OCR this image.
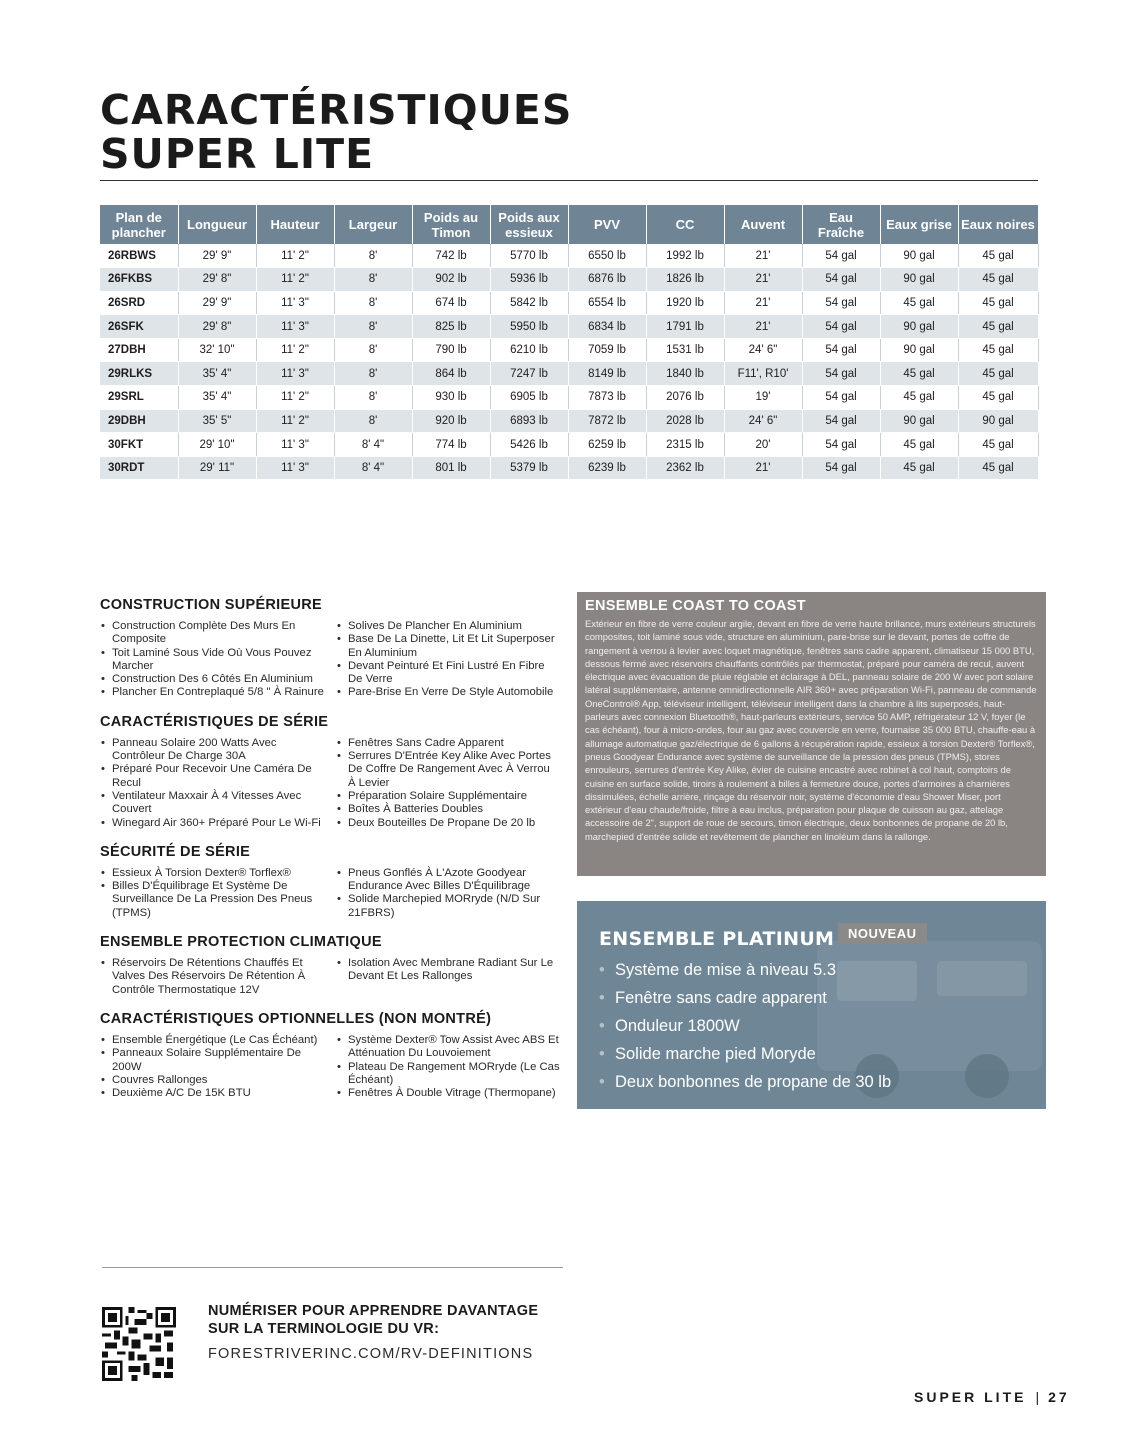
CARACTÉRISTIQUES
SUPER LITE
Plan de plancher	Longueur	Hauteur	Largeur	Poids au Timon	Poids aux essieux	PVV	CC	Auvent	Eau Fraîche	Eaux grise	Eaux noires
26RBWS	29' 9"	11' 2"	8'	742 lb	5770 lb	6550 lb	1992 lb	21'	54 gal	90 gal	45 gal
26FKBS	29' 8"	11' 2"	8'	902 lb	5936 lb	6876 lb	1826 lb	21'	54 gal	90 gal	45 gal
26SRD	29' 9"	11' 3"	8'	674 lb	5842 lb	6554 lb	1920 lb	21'	54 gal	45 gal	45 gal
26SFK	29' 8"	11' 3"	8'	825 lb	5950 lb	6834 lb	1791 lb	21'	54 gal	90 gal	45 gal
27DBH	32' 10"	11' 2"	8'	790 lb	6210 lb	7059 lb	1531 lb	24' 6"	54 gal	90 gal	45 gal
29RLKS	35' 4"	11' 3"	8'	864 lb	7247 lb	8149 lb	1840 lb	F11', R10'	54 gal	45 gal	45 gal
29SRL	35' 4"	11' 2"	8'	930 lb	6905 lb	7873 lb	2076 lb	19'	54 gal	45 gal	45 gal
29DBH	35' 5"	11' 2"	8'	920 lb	6893 lb	7872 lb	2028 lb	24' 6"	54 gal	90 gal	90 gal
30FKT	29' 10"	11' 3"	8' 4"	774 lb	5426 lb	6259 lb	2315 lb	20'	54 gal	45 gal	45 gal
30RDT	29' 11"	11' 3"	8' 4"	801 lb	5379 lb	6239 lb	2362 lb	21'	54 gal	45 gal	45 gal
CONSTRUCTION SUPÉRIEURE
• Construction Complète Des Murs En Composite
• Toit Laminé Sous Vide Où Vous Pouvez Marcher
• Construction Des 6 Côtés En Aluminium
• Plancher En Contreplaqué 5/8 " À Rainure
• Solives De Plancher En Aluminium
• Base De La Dinette, Lit Et Lit Superposer En Aluminium
• Devant Peinturé Et Fini Lustré En Fibre De Verre
• Pare-Brise En Verre De Style Automobile
CARACTÉRISTIQUES DE SÉRIE
• Panneau Solaire 200 Watts Avec Contrôleur De Charge 30A
• Préparé Pour Recevoir Une Caméra De Recul
• Ventilateur Maxxair À 4 Vitesses Avec Couvert
• Winegard Air 360+ Préparé Pour Le Wi-Fi
• Fenêtres Sans Cadre Apparent
• Serrures D'Entrée Key Alike Avec Portes De Coffre De Rangement Avec À Verrou À Levier
• Préparation Solaire Supplémentaire
• Boîtes À Batteries Doubles
• Deux Bouteilles De Propane De 20 lb
SÉCURITÉ DE SÉRIE
• Essieux À Torsion Dexter® Torflex®
• Billes D'Équilibrage Et Système De Surveillance De La Pression Des Pneus (TPMS)
• Pneus Gonflés À L'Azote Goodyear Endurance Avec Billes D'Équilibrage
• Solide Marchepied MORryde (N/D Sur 21FBRS)
ENSEMBLE PROTECTION CLIMATIQUE
• Réservoirs De Rétentions Chauffés Et Valves Des Réservoirs De Rétention À Contrôle Thermostatique 12V
• Isolation Avec Membrane Radiant Sur Le Devant Et Les Rallonges
CARACTÉRISTIQUES OPTIONNELLES (NON MONTRÉ)
• Ensemble Énergétique (Le Cas Échéant)
• Panneaux Solaire Supplémentaire De 200W
• Couvres Rallonges
• Deuxième A/C De 15K BTU
• Système Dexter® Tow Assist Avec ABS Et Atténuation Du Louvoiement
• Plateau De Rangement MORryde (Le Cas Échéant)
• Fenêtres À Double Vitrage (Thermopane)
ENSEMBLE COAST TO COAST
Extérieur en fibre de verre couleur argile, devant en fibre de verre haute brillance, murs extérieurs structurels composites, toit laminé sous vide, structure en aluminium, pare-brise sur le devant, portes de coffre de rangement à verrou à levier avec loquet magnétique, fenêtres sans cadre apparent, climatiseur 15 000 BTU, dessous fermé avec réservoirs chauffants contrôlés par thermostat, préparé pour caméra de recul, auvent électrique avec évacuation de pluie réglable et éclairage à DEL, panneau solaire de 200 W avec port solaire latéral supplémentaire, antenne omnidirectionnelle AIR 360+ avec préparation Wi-Fi, panneau de commande OneControl® App, téléviseur intelligent, téléviseur intelligent dans la chambre à lits superposés, haut-parleurs avec connexion Bluetooth®, haut-parleurs extérieurs, service 50 AMP, réfrigérateur 12 V, foyer (le cas échéant), four à micro-ondes, four au gaz avec couvercle en verre, fournaise 35 000 BTU, chauffe-eau à allumage automatique gaz/électrique de 6 gallons à récupération rapide, essieux à torsion Dexter® Torflex®, pneus Goodyear Endurance avec système de surveillance de la pression des pneus (TPMS), stores enrouleurs, serrures d'entrée Key Alike, évier de cuisine encastré avec robinet à col haut, comptoirs de cuisine en surface solide, tiroirs à roulement à billes à fermeture douce, portes d'armoires à charnières dissimulées, échelle arrière, rinçage du réservoir noir, système d'économie d'eau Shower Miser, port extérieur d'eau chaude/froide, filtre à eau inclus, préparation pour plaque de cuisson au gaz, attelage accessoire de 2", support de roue de secours, timon électrique, deux bonbonnes de propane de 20 lb, marchepied d'entrée solide et revêtement de plancher en linoléum dans la rallonge.
ENSEMBLE PLATINUM	NOUVEAU
• Système de mise à niveau 5.3
• Fenêtre sans cadre apparent
• Onduleur 1800W
• Solide marche pied Moryde
• Deux bonbonnes de propane de 30 lb
NUMÉRISER POUR APPRENDRE DAVANTAGE
SUR LA TERMINOLOGIE DU VR:
FORESTRIVERINC.COM/RV-DEFINITIONS
SUPER LITE | 27
